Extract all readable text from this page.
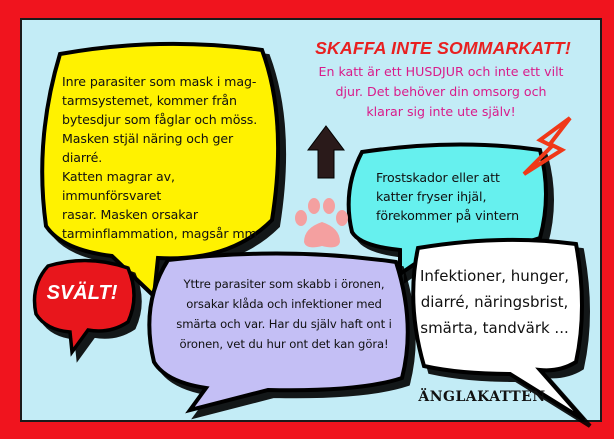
SKAFFA INTE SOMMARKATT!
En katt är ett HUSDJUR och inte ett vilt
djur. Det behöver din omsorg och
klarar sig inte ute själv!
Inre parasiter som mask i mag-
tarmsystemet, kommer från
bytesdjur som fåglar och möss.
Masken stjäl näring och ger diarré.
Katten magrar av, immunförsvaret
rasar. Masken orsakar
tarminflammation, magsår mm.
SVÄLT!
Frostskador eller att
katter fryser ihjäl,
förekommer på vintern
Yttre parasiter som skabb i öronen,
orsakar klåda och infektioner med
smärta och var. Har du själv haft ont i
öronen, vet du hur ont det kan göra!
Infektioner, hunger,
diarré, näringsbrist,
smärta, tandvärk ...
ÄNGLAKATTEN
